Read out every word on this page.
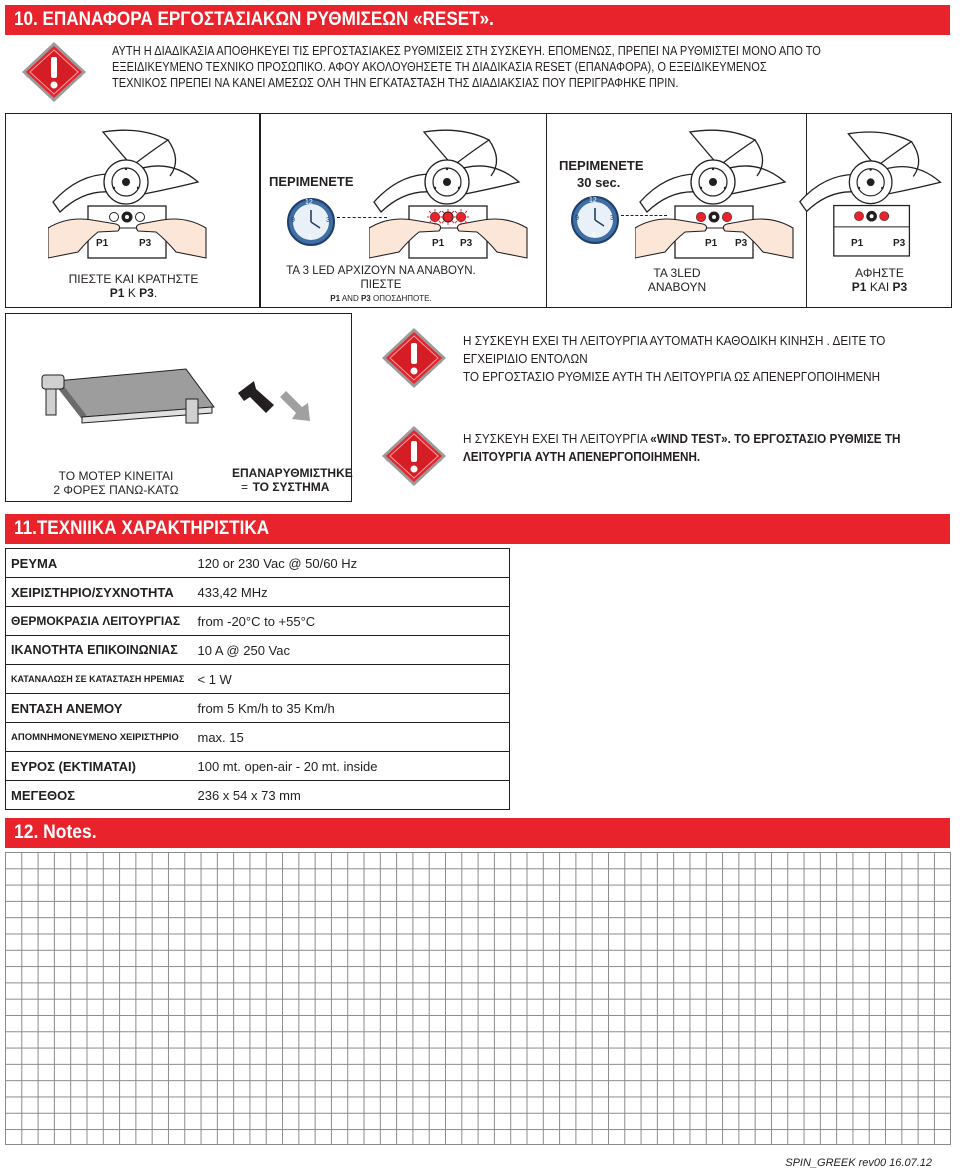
10. ΕΠΑΝΑΦΟΡΑ ΕΡΓΟΣΤΑΣΙΑΚΩΝ ΡΥΘΜΙΣΕΩΝ «RESET».
ΑΥΤΗ Η ΔΙΑΔΙΚΑΣΙΑ ΑΠΟΘΗΚΕΥΕΙ ΤΙΣ ΕΡΓΟΣΤΑΣΙΑΚΕΣ ΡΥΘΜΙΣΕΙΣ ΣΤΗ ΣΥΣΚΕΥΗ. ΕΠΟΜΕΝΩΣ, ΠΡΕΠΕΙ ΝΑ ΡΥΘΜΙΣΤΕΙ ΜΟΝΟ ΑΠΟ ΤΟ
ΕΞΕΙΔΙΚΕΥΜΕΝΟ ΤΕΧΝΙΚΟ ΠΡΟΣΩΠΙΚΟ. ΑΦΟΥ ΑΚΟΛΟΥΘΗΣΕΤΕ ΤΗ ΔΙΑΔΙΚΑΣΙΑ RESET (ΕΠΑΝΑΦΟΡΑ), Ο ΕΞΕΙΔΙΚΕΥΜΕΝΟΣ
ΤΕΧΝΙΚΟΣ ΠΡΕΠΕΙ ΝΑ ΚΑΝΕΙ ΑΜΕΣΩΣ ΟΛΗ ΤΗΝ ΕΓΚΑΤΑΣΤΑΣΗ ΤΗΣ ΔΙΑΔΙΑΚΣΙΑΣ ΠΟΥ ΠΕΡΙΓΡΑΦΗΚΕ ΠΡΙΝ.
P1	P3
ΠΙΕΣΤΕ ΚΑΙ ΚΡΑΤΗΣΤΕ
P1 Κ P3.
ΠΕΡΙΜΕΝΕΤΕ
12
3
6
9
P1 P3
ΤΑ 3 LED ΑΡΧΙΖΟΥΝ ΝΑ ΑΝΑΒΟΥΝ.
ΠΙΕΣΤΕ
P1 AND P3 ΟΠΟΣΔΗΠΟΤΕ.
ΠΕΡΙΜΕΝΕΤΕ
30 sec.
12
3
6
9
P1 P3
ΤΑ 3LED
ΑΝΑΒΟΥΝ
P1	P3
ΑΦΗΣΤΕ
P1 ΚΑΙ P3
ΤΟ ΜΟΤΕΡ ΚΙΝΕΙΤΑΙ
2 ΦΟΡΕΣ ΠΑΝΩ-ΚΑΤΩ	=
ΕΠΑΝΑΡΥΘΜΙΣΤΗΚΕ
ΤΟ ΣΥΣΤΗΜΑ
Η ΣΥΣΚΕΥΗ ΕΧΕΙ ΤΗ ΛΕΙΤΟΥΡΓΙΑ ΑΥΤΟΜΑΤΗ ΚΑΘΟΔΙΚΗ ΚΙΝΗΣΗ . ΔΕΙΤΕ ΤΟ
ΕΓΧΕΙΡΙΔΙΟ ΕΝΤΟΛΩΝ
ΤΟ ΕΡΓΟΣΤΑΣΙΟ ΡΥΘΜΙΣΕ ΑΥΤΗ ΤΗ ΛΕΙΤΟΥΡΓΙΑ ΩΣ ΑΠΕΝΕΡΓΟΠΟΙΗΜΕΝΗ
Η ΣΥΣΚΕΥΗ ΕΧΕΙ ΤΗ ΛΕΙΤΟΥΡΓΙΑ «WIND TEST». ΤΟ ΕΡΓΟΣΤΑΣΙΟ ΡΥΘΜΙΣΕ ΤΗ
ΛΕΙΤΟΥΡΓΙΑ ΑΥΤΗ ΑΠΕΝΕΡΓΟΠΟΙΗΜΕΝΗ.
11.ΤΕΧΝΙΙΚΑ ΧΑΡΑΚΤΗΡΙΣΤΙΚΑ
ΡΕΥΜΑ	120 or 230 Vac @ 50/60 Hz
ΧΕΙΡΙΣΤΗΡΙΟ/ΣΥΧΝΟΤΗΤΑ	433,42 MHz
ΘΕΡΜΟΚΡΑΣΙΑ ΛΕΙΤΟΥΡΓΙΑΣ	from -20°C to +55°C
ΙΚΑΝΟΤΗΤΑ ΕΠΙΚΟΙΝΩΝΙΑΣ	10 A @ 250 Vac
ΚΑΤΑΝΑΛΩΣΗ ΣΕ ΚΑΤΑΣΤΑΣΗ ΗΡΕΜΙΑΣ	< 1 W
ΕΝΤΑΣΗ ΑΝΕΜΟΥ	from 5 Km/h to 35 Km/h
ΑΠΟΜΝΗΜΟΝΕΥΜΕΝΟ ΧΕΙΡΙΣΤΗΡΙΟ	max. 15
ΕΥΡΟΣ (ΕΚΤΙΜΑΤΑΙ)	100 mt. open-air - 20 mt. inside
ΜΕΓΕΘΟΣ	236 x 54 x 73 mm
12. Notes.
SPIN_GREEK rev00 16.07.12
